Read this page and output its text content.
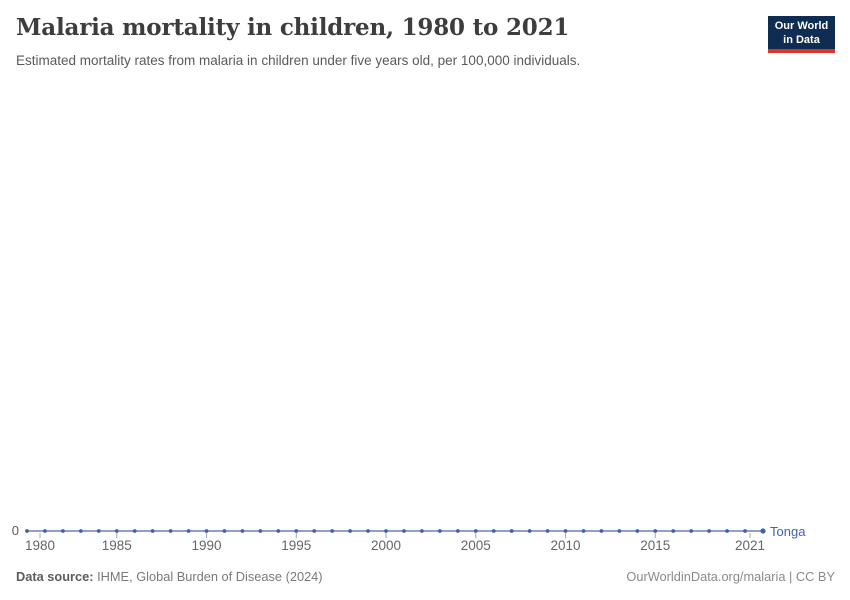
Malaria mortality in children, 1980 to 2021
Estimated mortality rates from malaria in children under five years old, per 100,000 individuals.
Our World
in Data
0
1980	1985	1990	1995	2000	2005	2010	2015	2021
Tonga
Data source: IHME, Global Burden of Disease (2024)	OurWorldinData.org/malaria | CC BY
